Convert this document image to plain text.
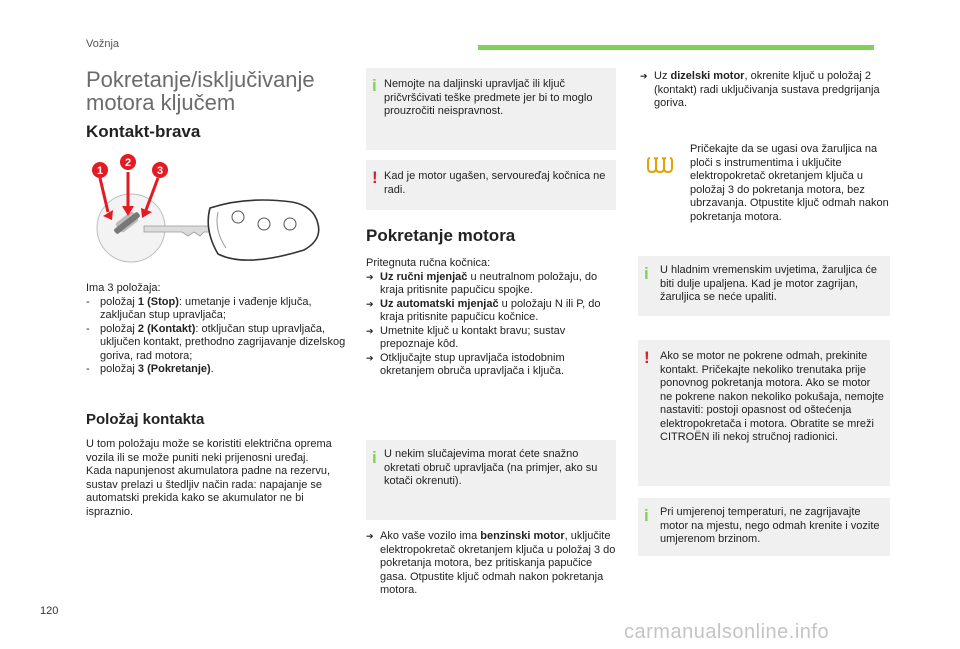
Vožnja
Pokretanje/isključivanje
motora ključem
Kontakt-brava
1
2
3
Ima 3 položaja:
- položaj 1 (Stop): umetanje i vađenje ključa, zaključan stup upravljača;
- položaj 2 (Kontakt): otključan stup upravljača, uključen kontakt, prethodno zagrijavanje dizelskog goriva, rad motora;
- položaj 3 (Pokretanje).
Položaj kontakta
U tom položaju može se koristiti električna oprema vozila ili se može puniti neki prijenosni uređaj.
Kada napunjenost akumulatora padne na rezervu, sustav prelazi u štedljiv način rada: napajanje se automatski prekida kako se akumulator ne bi ispraznio.
i Nemojte na daljinski upravljač ili ključ pričvršćivati teške predmete jer bi to moglo prouzročiti neispravnost.
! Kad je motor ugašen, servoureďaj kočnica ne radi.
Pokretanje motora
Pritegnuta ručna kočnica:
➔ Uz ručni mjenjač u neutralnom položaju, do kraja pritisnite papučicu spojke.
➔ Uz automatski mjenjač u položaju N ili P, do kraja pritisnite papučicu kočnice.
➔ Umetnite ključ u kontakt bravu; sustav prepoznaje kôd.
➔ Otključajte stup upravljača istodobnim okretanjem obruča upravljača i ključa.
i U nekim slučajevima morat ćete snažno okretati obruč upravljača (na primjer, ako su kotači okrenuti).
➔ Ako vaše vozilo ima benzinski motor, uključite elektropokretač okretanjem ključa u položaj 3 do pokretanja motora, bez pritiskanja papučice gasa. Otpustite ključ odmah nakon pokretanja motora.
➔ Uz dizelski motor, okrenite ključ u položaj 2 (kontakt) radi uključivanja sustava predgrijanja goriva.
Pričekajte da se ugasi ova žaruljica na ploči s instrumentima i uključite elektropokretač okretanjem ključa u položaj 3 do pokretanja motora, bez ubrzavanja. Otpustite ključ odmah nakon pokretanja motora.
i U hladnim vremenskim uvjetima, žaruljica će biti dulje upaljena. Kad je motor zagrijan, žaruljica se neće upaliti.
! Ako se motor ne pokrene odmah, prekinite kontakt. Pričekajte nekoliko trenutaka prije ponovnog pokretanja motora. Ako se motor ne pokrene nakon nekoliko pokušaja, nemojte nastaviti: postoji opasnost od oštećenja elektropokretača i motora. Obratite se mreži CITROËN ili nekoj stručnoj radionici.
i Pri umjerenoj temperaturi, ne zagrijavajte motor na mjestu, nego odmah krenite i vozite umjerenom brzinom.
120
carmanualsonline.info
